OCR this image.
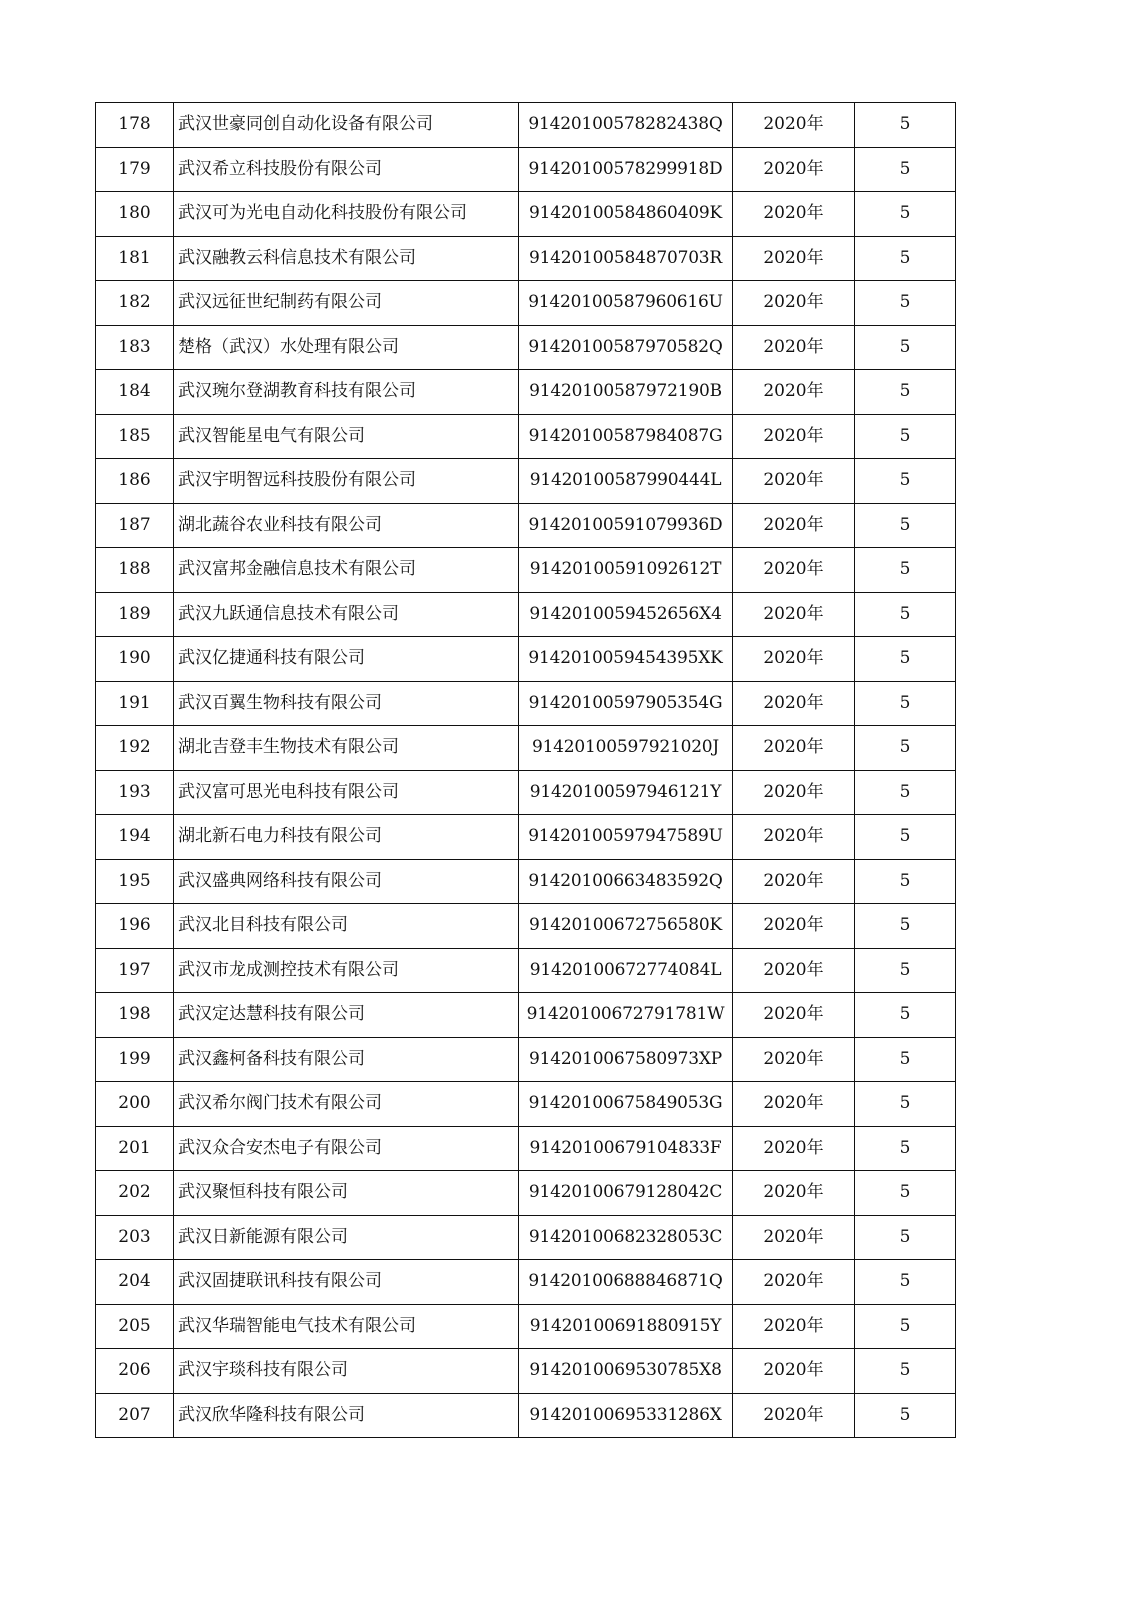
178	武汉世豪同创自动化设备有限公司	91420100578282438Q	2020年	5
179	武汉希立科技股份有限公司	91420100578299918D	2020年	5
180	武汉可为光电自动化科技股份有限公司	91420100584860409K	2020年	5
181	武汉融教云科信息技术有限公司	91420100584870703R	2020年	5
182	武汉远征世纪制药有限公司	91420100587960616U	2020年	5
183	楚格（武汉）水处理有限公司	91420100587970582Q	2020年	5
184	武汉琬尔登湖教育科技有限公司	91420100587972190B	2020年	5
185	武汉智能星电气有限公司	91420100587984087G	2020年	5
186	武汉宇明智远科技股份有限公司	91420100587990444L	2020年	5
187	湖北蔬谷农业科技有限公司	91420100591079936D	2020年	5
188	武汉富邦金融信息技术有限公司	91420100591092612T	2020年	5
189	武汉九跃通信息技术有限公司	9142010059452656X4	2020年	5
190	武汉亿捷通科技有限公司	9142010059454395XK	2020年	5
191	武汉百翼生物科技有限公司	91420100597905354G	2020年	5
192	湖北吉登丰生物技术有限公司	91420100597921020J	2020年	5
193	武汉富可思光电科技有限公司	91420100597946121Y	2020年	5
194	湖北新石电力科技有限公司	91420100597947589U	2020年	5
195	武汉盛典网络科技有限公司	91420100663483592Q	2020年	5
196	武汉北目科技有限公司	91420100672756580K	2020年	5
197	武汉市龙成测控技术有限公司	91420100672774084L	2020年	5
198	武汉定达慧科技有限公司	91420100672791781W	2020年	5
199	武汉鑫柯备科技有限公司	9142010067580973XP	2020年	5
200	武汉希尔阀门技术有限公司	91420100675849053G	2020年	5
201	武汉众合安杰电子有限公司	91420100679104833F	2020年	5
202	武汉聚恒科技有限公司	91420100679128042C	2020年	5
203	武汉日新能源有限公司	91420100682328053C	2020年	5
204	武汉固捷联讯科技有限公司	91420100688846871Q	2020年	5
205	武汉华瑞智能电气技术有限公司	91420100691880915Y	2020年	5
206	武汉宇琰科技有限公司	9142010069530785X8	2020年	5
207	武汉欣华隆科技有限公司	91420100695331286X	2020年	5
